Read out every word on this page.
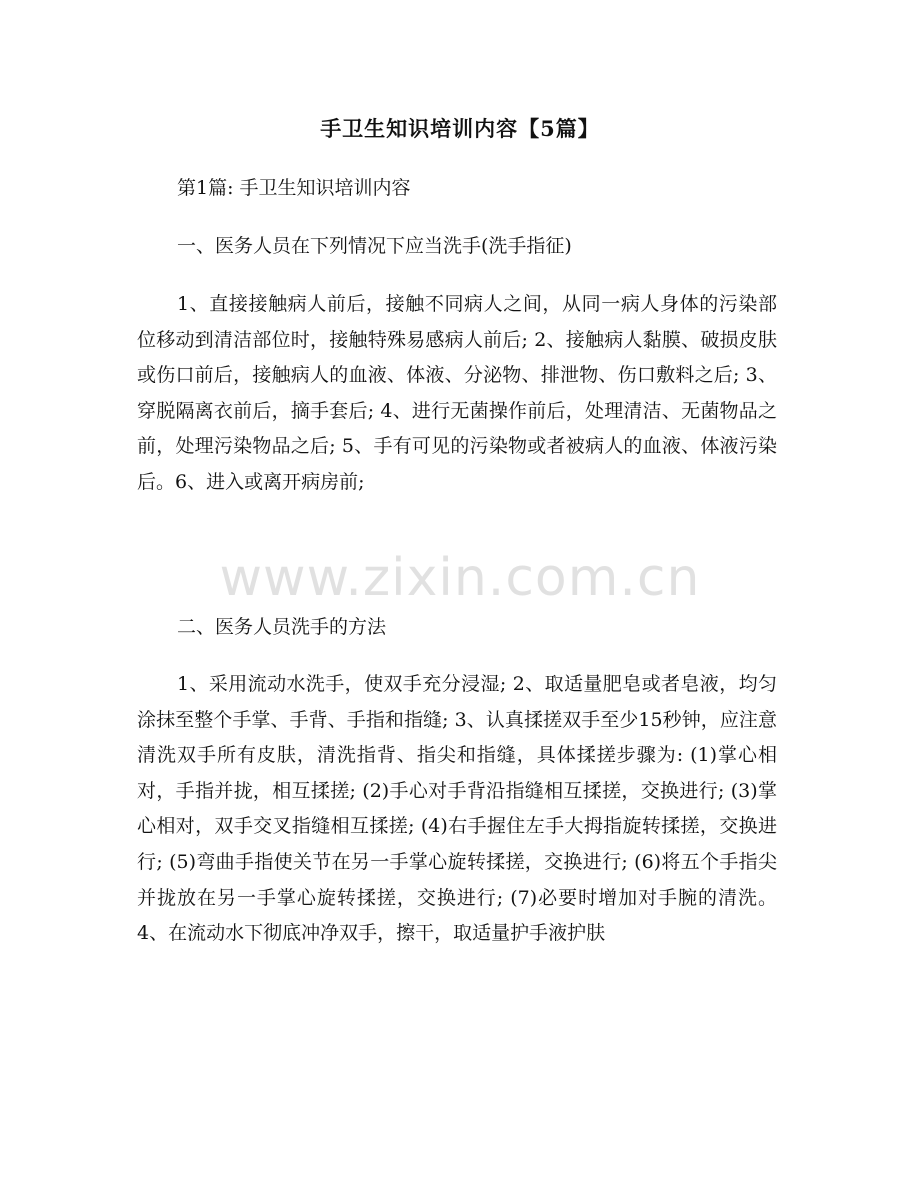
手卫生知识培训内容【5篇】
第1篇: 手卫生知识培训内容
一、医务人员在下列情况下应当洗手(洗手指征)

1、直接接触病人前后，接触不同病人之间，从同一病人身体的污染部位移动到清洁部位时，接触特殊易感病人前后; 2、接触病人黏膜、破损皮肤或伤口前后，接触病人的血液、体液、分泌物、排泄物、伤口敷料之后; 3、穿脱隔离衣前后，摘手套后; 4、进行无菌操作前后，处理清洁、无菌物品之前，处理污染物品之后; 5、手有可见的污染物或者被病人的血液、体液污染后。6、进入或离开病房前;

二、医务人员洗手的方法

1、采用流动水洗手，使双手充分浸湿; 2、取适量肥皂或者皂液，均匀涂抹至整个手掌、手背、手指和指缝; 3、认真揉搓双手至少15秒钟，应注意清洗双手所有皮肤，清洗指背、指尖和指缝，具体揉搓步骤为: (1)掌心相对，手指并拢，相互揉搓; (2)手心对手背沿指缝相互揉搓，交换进行; (3)掌心相对，双手交叉指缝相互揉搓; (4)右手握住左手大拇指旋转揉搓，交换进行; (5)弯曲手指使关节在另一手掌心旋转揉搓，交换进行; (6)将五个手指尖并拢放在另一手掌心旋转揉搓，交换进行; (7)必要时增加对手腕的清洗。4、在流动水下彻底冲净双手，擦干，取适量护手液护肤

www.zixin.com.cn
